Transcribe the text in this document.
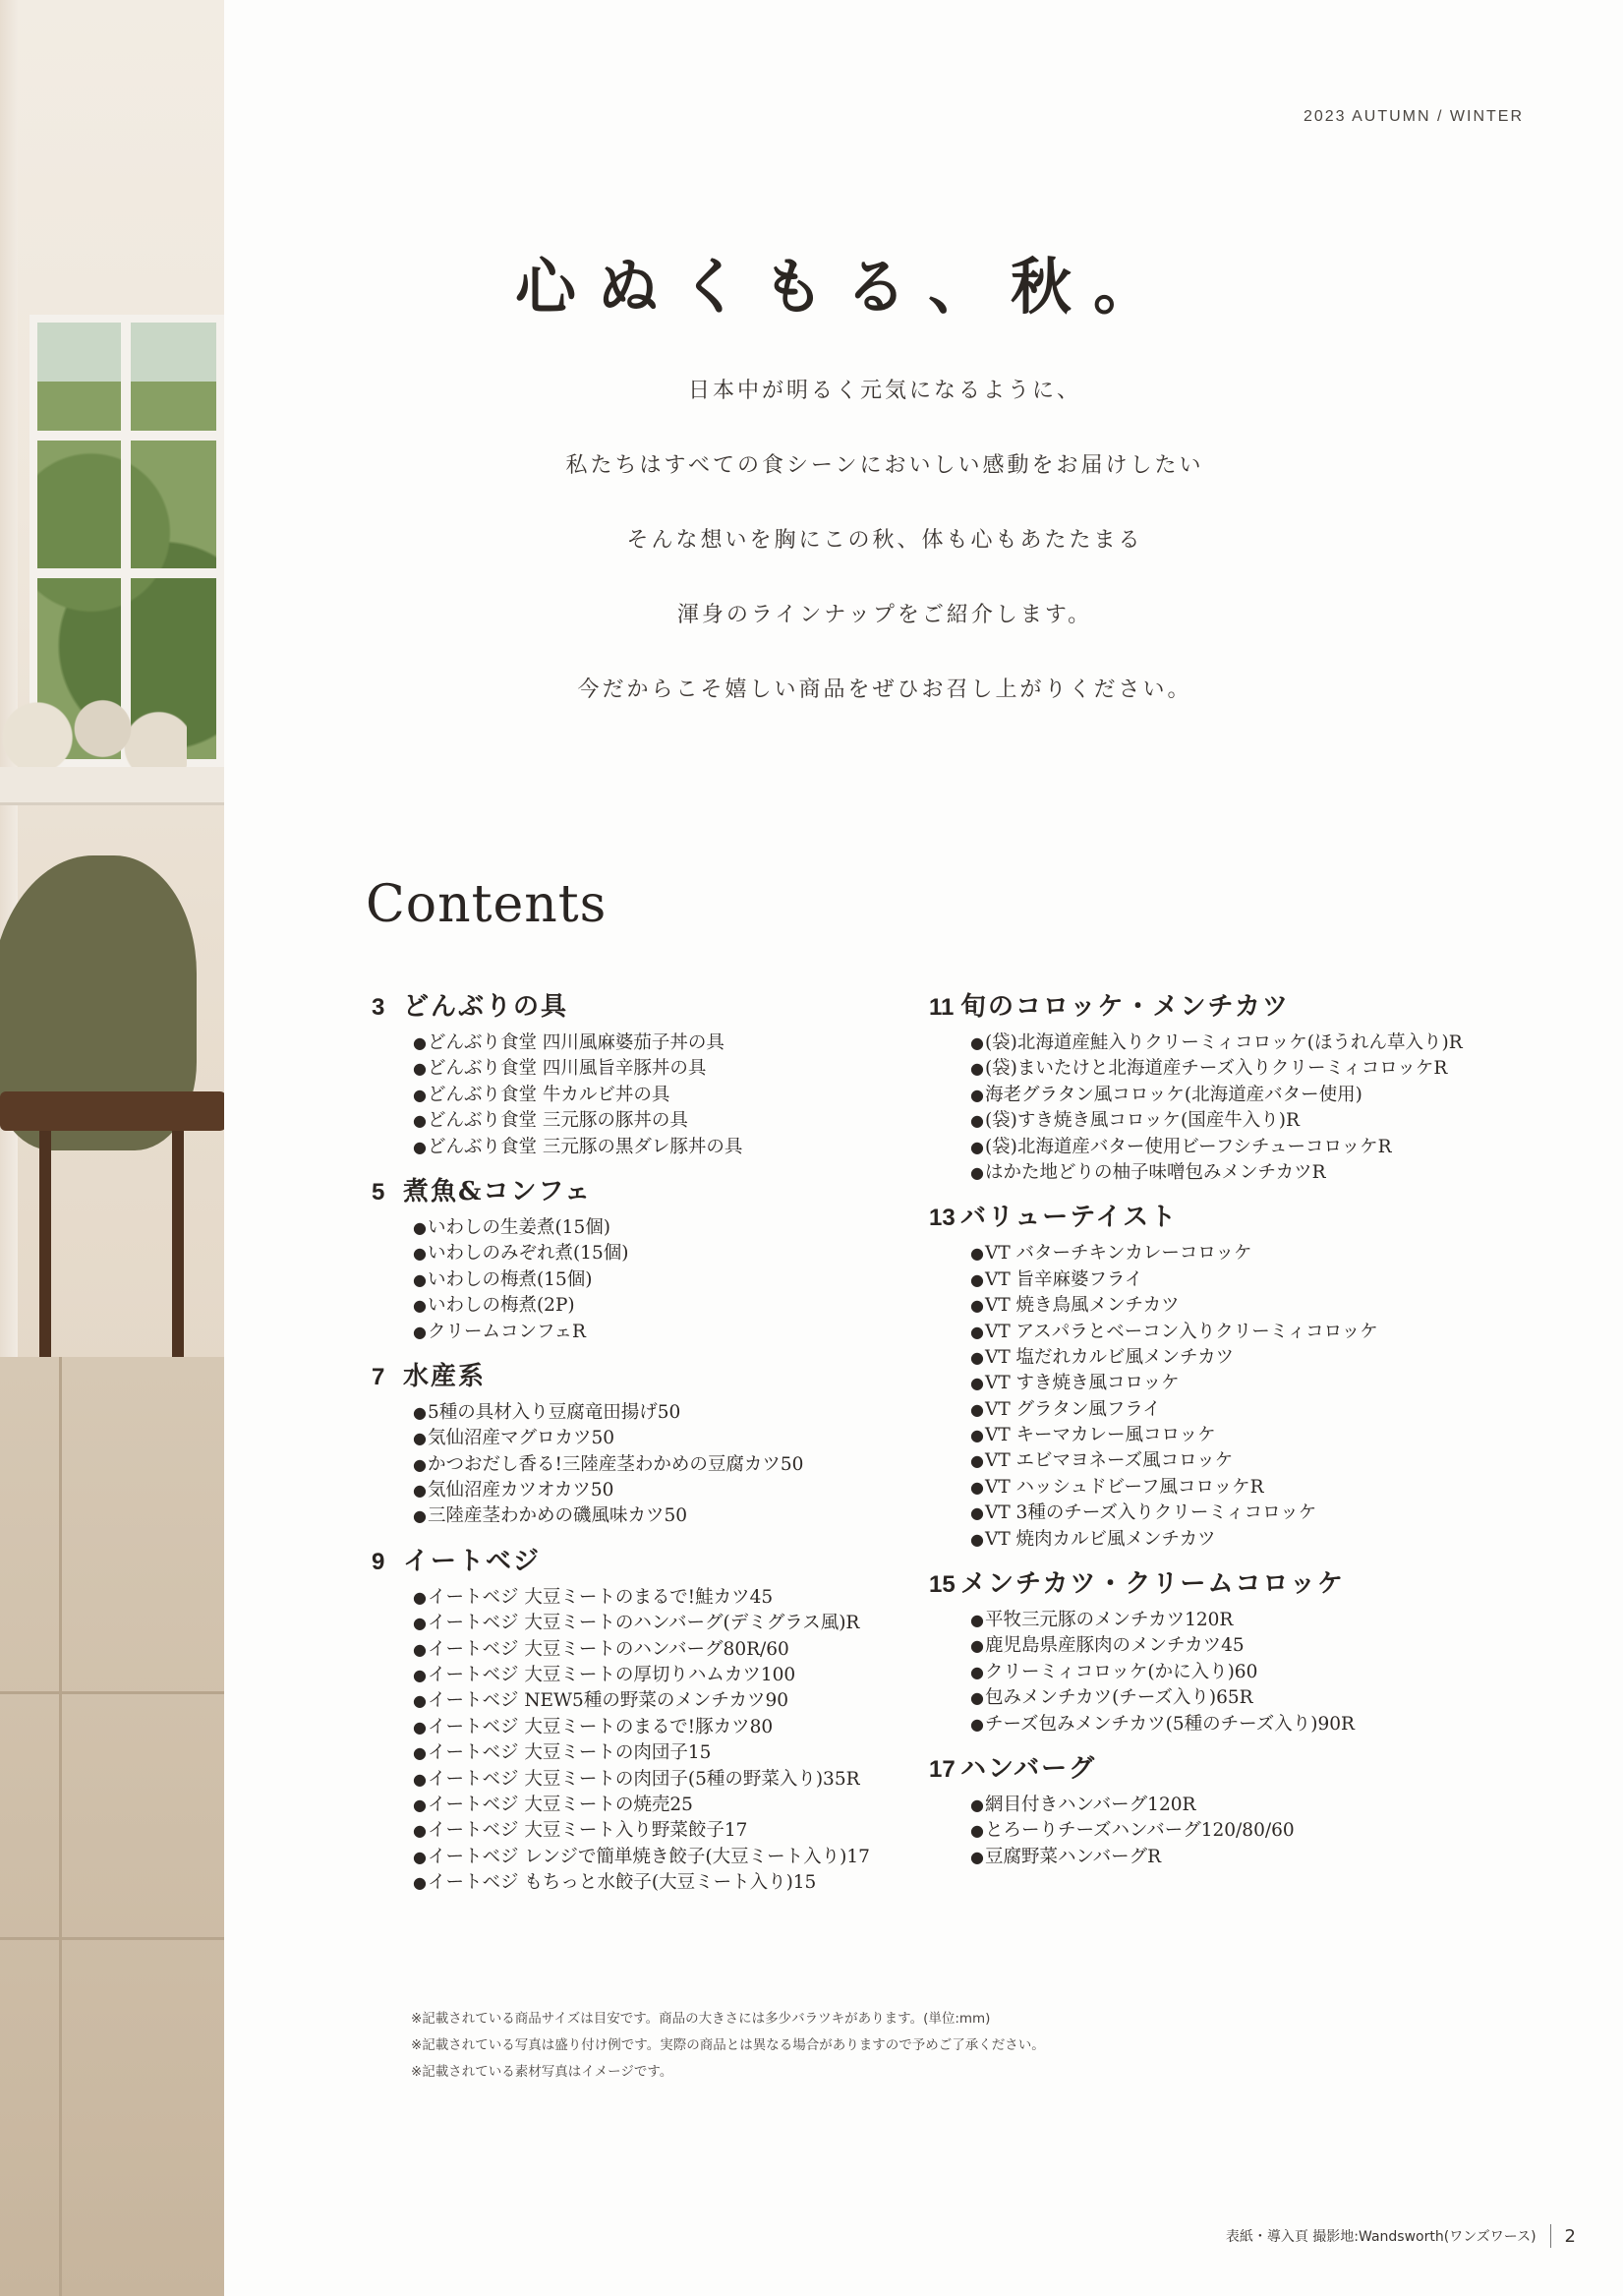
2023 AUTUMN / WINTER
心ぬくもる、秋。
日本中が明るく元気になるように、
私たちはすべての食シーンにおいしい感動をお届けしたい
そんな想いを胸にこの秋、体も心もあたたまる
渾身のラインナップをご紹介します。
今だからこそ嬉しい商品をぜひお召し上がりください。
Contents
3 どんぶりの具
● どんぶり食堂 四川風麻婆茄子丼の具
● どんぶり食堂 四川風旨辛豚丼の具
● どんぶり食堂 牛カルビ丼の具
● どんぶり食堂 三元豚の豚丼の具
● どんぶり食堂 三元豚の黒ダレ豚丼の具
5 煮魚&コンフェ
● いわしの生姜煮(15個)
● いわしのみぞれ煮(15個)
● いわしの梅煮(15個)
● いわしの梅煮(2P)
● クリームコンフェR
7 水産系
● 5種の具材入り豆腐竜田揚げ50
● 気仙沼産マグロカツ50
● かつおだし香る!三陸産茎わかめの豆腐カツ50
● 気仙沼産カツオカツ50
● 三陸産茎わかめの磯風味カツ50
9 イートベジ
● イートベジ 大豆ミートのまるで!鮭カツ45
● イートベジ 大豆ミートのハンバーグ(デミグラス風)R
● イートベジ 大豆ミートのハンバーグ80R/60
● イートベジ 大豆ミートの厚切りハムカツ100
● イートベジ NEW5種の野菜のメンチカツ90
● イートベジ 大豆ミートのまるで!豚カツ80
● イートベジ 大豆ミートの肉団子15
● イートベジ 大豆ミートの肉団子(5種の野菜入り)35R
● イートベジ 大豆ミートの焼売25
● イートベジ 大豆ミート入り野菜餃子17
● イートベジ レンジで簡単焼き餃子(大豆ミート入り)17
● イートベジ もちっと水餃子(大豆ミート入り)15
11 旬のコロッケ・メンチカツ
● (袋)北海道産鮭入りクリーミィコロッケ(ほうれん草入り)R
● (袋)まいたけと北海道産チーズ入りクリーミィコロッケR
● 海老グラタン風コロッケ(北海道産バター使用)
● (袋)すき焼き風コロッケ(国産牛入り)R
● (袋)北海道産バター使用ビーフシチューコロッケR
● はかた地どりの柚子味噌包みメンチカツR
13 バリューテイスト
● VT バターチキンカレーコロッケ
● VT 旨辛麻婆フライ
● VT 焼き鳥風メンチカツ
● VT アスパラとベーコン入りクリーミィコロッケ
● VT 塩だれカルビ風メンチカツ
● VT すき焼き風コロッケ
● VT グラタン風フライ
● VT キーマカレー風コロッケ
● VT エビマヨネーズ風コロッケ
● VT ハッシュドビーフ風コロッケR
● VT 3種のチーズ入りクリーミィコロッケ
● VT 焼肉カルビ風メンチカツ
15 メンチカツ・クリームコロッケ
● 平牧三元豚のメンチカツ120R
● 鹿児島県産豚肉のメンチカツ45
● クリーミィコロッケ(かに入り)60
● 包みメンチカツ(チーズ入り)65R
● チーズ包みメンチカツ(5種のチーズ入り)90R
17 ハンバーグ
● 網目付きハンバーグ120R
● とろーりチーズハンバーグ120/80/60
● 豆腐野菜ハンバーグR
※記載されている商品サイズは目安です。商品の大きさには多少バラツキがあります。(単位:mm)
※記載されている写真は盛り付け例です。実際の商品とは異なる場合がありますので予めご了承ください。
※記載されている素材写真はイメージです。
表紙・導入頁 撮影地:Wandsworth(ワンズワース) 2
